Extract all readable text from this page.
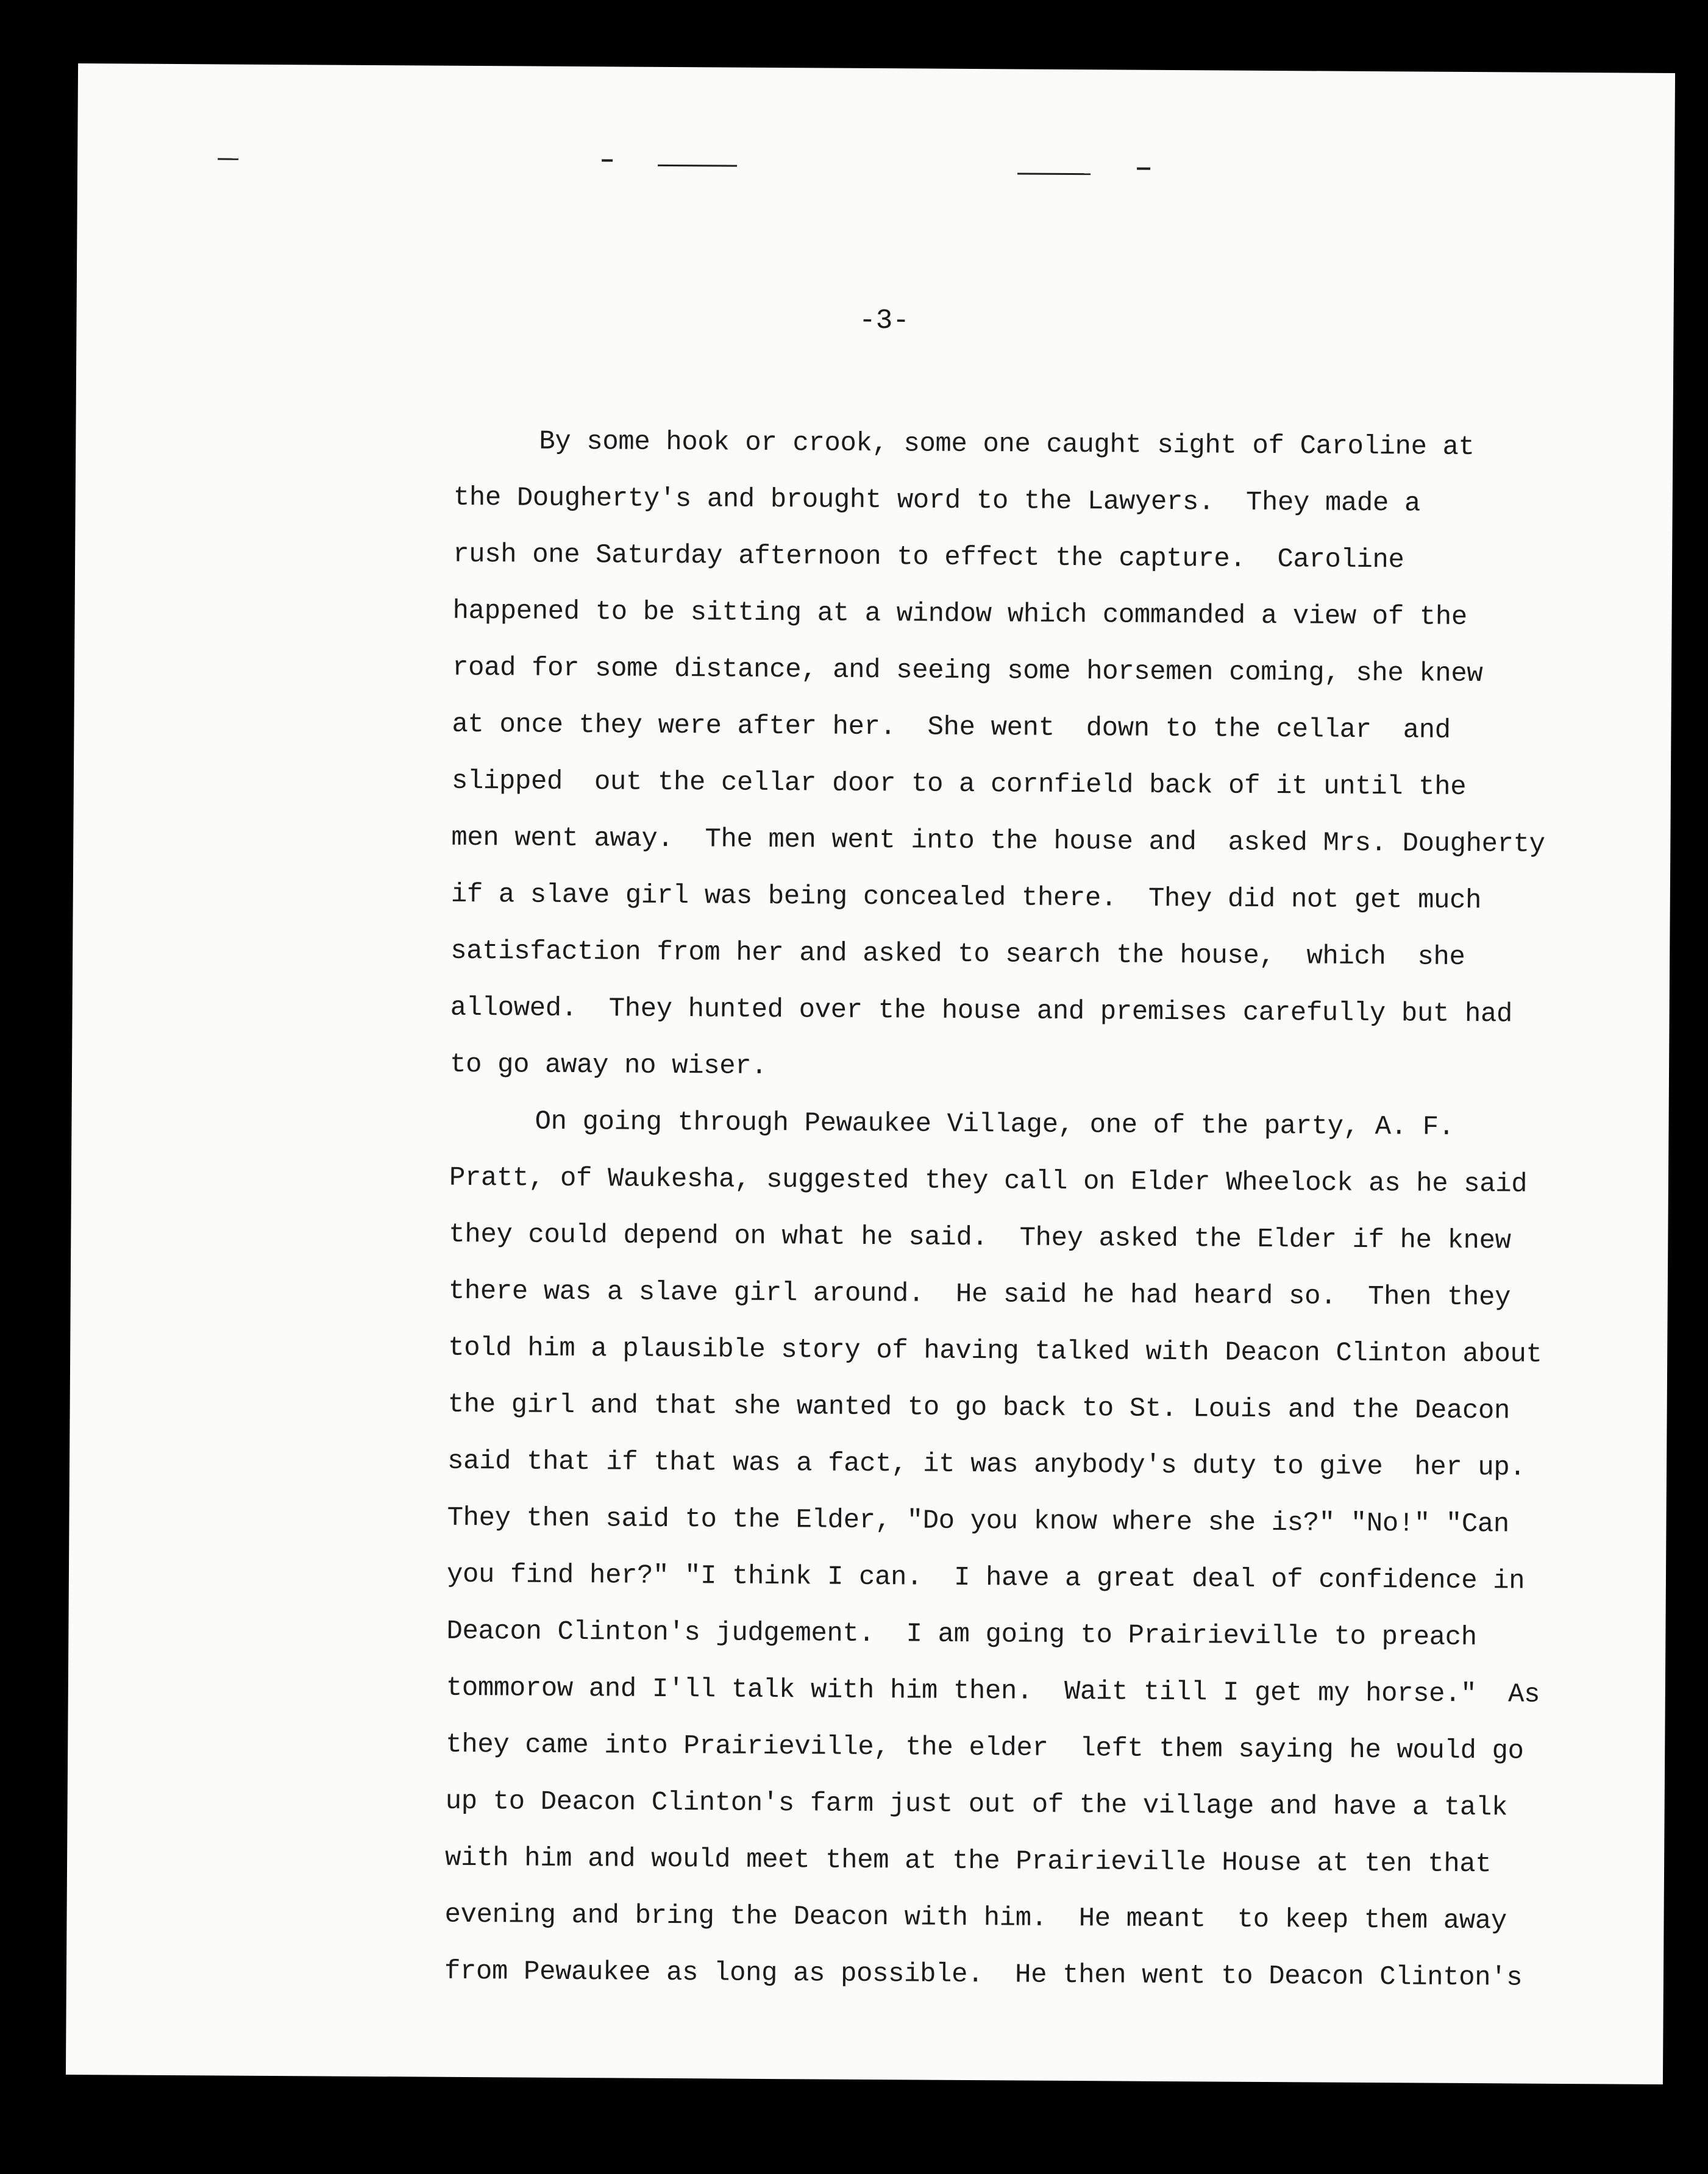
-3-
By some hook or crook, some one caught sight of Caroline at
the Dougherty's and brought word to the Lawyers.  They made a
rush one Saturday afternoon to effect the capture.  Caroline
happened to be sitting at a window which commanded a view of the
road for some distance, and seeing some horsemen coming, she knew
at once they were after her.  She went  down to the cellar  and
slipped  out the cellar door to a cornfield back of it until the
men went away.  The men went into the house and  asked Mrs. Dougherty
if a slave girl was being concealed there.  They did not get much
satisfaction from her and asked to search the house,  which  she
allowed.  They hunted over the house and premises carefully but had
to go away no wiser.
On going through Pewaukee Village, one of the party, A. F.
Pratt, of Waukesha, suggested they call on Elder Wheelock as he said
they could depend on what he said.  They asked the Elder if he knew
there was a slave girl around.  He said he had heard so.  Then they
told him a plausible story of having talked with Deacon Clinton about
the girl and that she wanted to go back to St. Louis and the Deacon
said that if that was a fact, it was anybody's duty to give  her up.
They then said to the Elder, "Do you know where she is?" "No!" "Can
you find her?" "I think I can.  I have a great deal of confidence in
Deacon Clinton's judgement.  I am going to Prairieville to preach
tommorow and I'll talk with him then.  Wait till I get my horse."  As
they came into Prairieville, the elder  left them saying he would go
up to Deacon Clinton's farm just out of the village and have a talk
with him and would meet them at the Prairieville House at ten that
evening and bring the Deacon with him.  He meant  to keep them away
from Pewaukee as long as possible.  He then went to Deacon Clinton's
